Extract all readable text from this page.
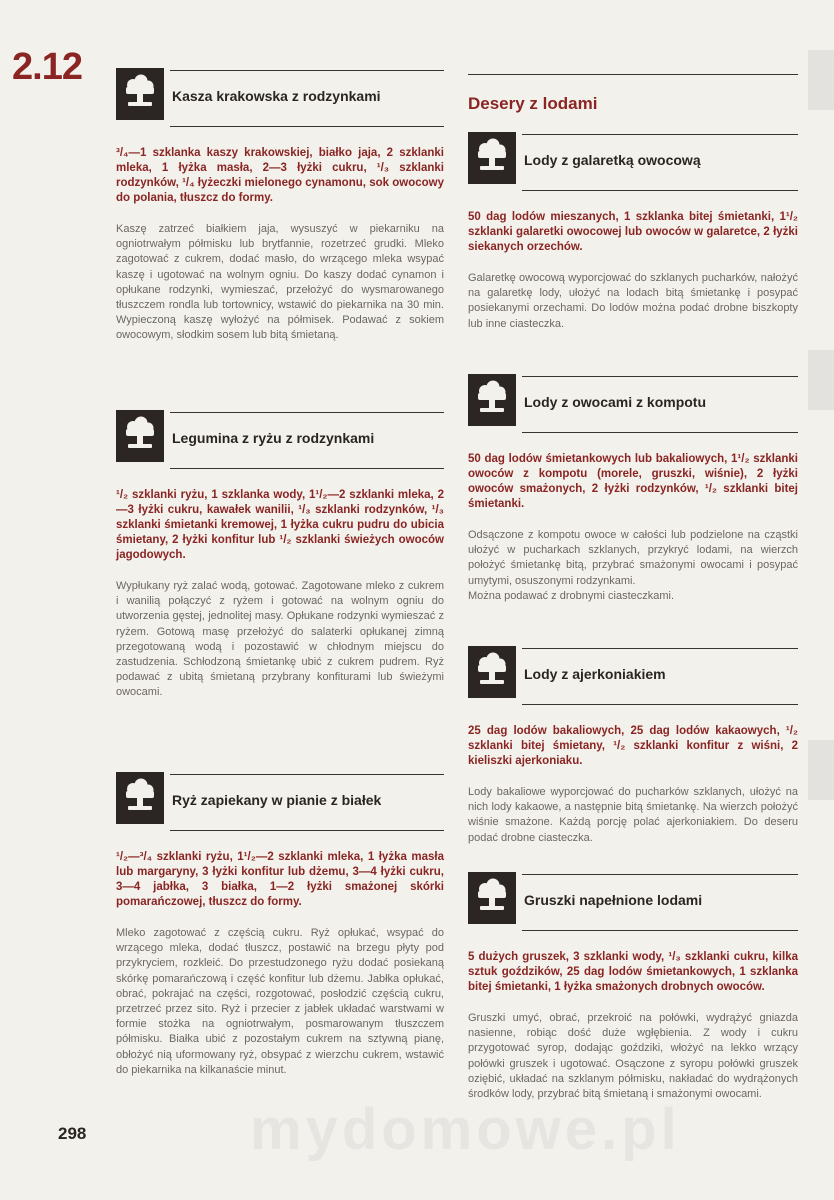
2.12
mydomowe.pl
Kasza krakowska z rodzynkami

³/₄—1 szklanka kaszy krakowskiej, białko jaja, 2 szklanki mleka, 1 łyżka masła, 2—3 łyżki cukru, ¹/₃ szklanki rodzynków, ¹/₄ łyżeczki mielonego cynamonu, sok owocowy do polania, tłuszcz do formy.

Kaszę zatrzeć białkiem jaja, wysuszyć w piekarniku na ogniotrwałym półmisku lub brytfannie, rozetrzeć grudki. Mleko zagotować z cukrem, dodać masło, do wrzącego mleka wsypać kaszę i ugotować na wolnym ogniu. Do kaszy dodać cynamon i opłukane rodzynki, wymieszać, przełożyć do wysmarowanego tłuszczem rondla lub tortownicy, wstawić do piekarnika na 30 min. Wypieczoną kaszę wyłożyć na półmisek. Podawać z sokiem owocowym, słodkim sosem lub bitą śmietaną.

Legumina z ryżu z rodzynkami

¹/₂ szklanki ryżu, 1 szklanka wody, 1¹/₂—2 szklanki mleka, 2—3 łyżki cukru, kawałek wanilii, ¹/₃ szklanki rodzynków, ¹/₃ szklanki śmietanki kremowej, 1 łyżka cukru pudru do ubicia śmietany, 2 łyżki konfitur lub ¹/₂ szklanki świeżych owoców jagodowych.

Wypłukany ryż zalać wodą, gotować. Zagotowane mleko z cukrem i wanilią połączyć z ryżem i gotować na wolnym ogniu do utworzenia gęstej, jednolitej masy. Opłukane rodzynki wymieszać z ryżem. Gotową masę przełożyć do salaterki opłukanej zimną przegotowaną wodą i pozostawić w chłodnym miejscu do zastudzenia. Schłodzoną śmietankę ubić z cukrem pudrem. Ryż podawać z ubitą śmietaną przybrany konfiturami lub świeżymi owocami.

Ryż zapiekany w pianie z białek

¹/₂—³/₄ szklanki ryżu, 1¹/₂—2 szklanki mleka, 1 łyżka masła lub margaryny, 3 łyżki konfitur lub dżemu, 3—4 łyżki cukru, 3—4 jabłka, 3 białka, 1—2 łyżki smażonej skórki pomarańczowej, tłuszcz do formy.

Mleko zagotować z częścią cukru. Ryż opłukać, wsypać do wrzącego mleka, dodać tłuszcz, postawić na brzegu płyty pod przykryciem, rozkleić. Do przestudzonego ryżu dodać posiekaną skórkę pomarańczową i część konfitur lub dżemu. Jabłka opłukać, obrać, pokrajać na części, rozgotować, posłodzić częścią cukru, przetrzeć przez sito. Ryż i przecier z jabłek układać warstwami w formie stożka na ogniotrwałym, posmarowanym tłuszczem półmisku. Białka ubić z pozostałym cukrem na sztywną pianę, obłożyć nią uformowany ryż, obsypać z wierzchu cukrem, wstawić do piekarnika na kilkanaście minut.

Desery z lodami
Lody z galaretką owocową

50 dag lodów mieszanych, 1 szklanka bitej śmietanki, 1¹/₂ szklanki galaretki owocowej lub owoców w galaretce, 2 łyżki siekanych orzechów.

Galaretkę owocową wyporcjować do szklanych pucharków, nałożyć na galaretkę lody, ułożyć na lodach bitą śmietankę i posypać posiekanymi orzechami. Do lodów można podać drobne biszkopty lub inne ciasteczka.

Lody z owocami z kompotu

50 dag lodów śmietankowych lub bakaliowych, 1¹/₂ szklanki owoców z kompotu (morele, gruszki, wiśnie), 2 łyżki owoców smażonych, 2 łyżki rodzynków, ¹/₂ szklanki bitej śmietanki.

Odsączone z kompotu owoce w całości lub podzielone na cząstki ułożyć w pucharkach szklanych, przykryć lodami, na wierzch położyć śmietankę bitą, przybrać smażonymi owocami i posypać umytymi, osuszonymi rodzynkami.
Można podawać z drobnymi ciasteczkami.

Lody z ajerkoniakiem

25 dag lodów bakaliowych, 25 dag lodów kakaowych, ¹/₂ szklanki bitej śmietany, ¹/₂ szklanki konfitur z wiśni, 2 kieliszki ajerkoniaku.

Lody bakaliowe wyporcjować do pucharków szklanych, ułożyć na nich lody kakaowe, a następnie bitą śmietankę. Na wierzch położyć wiśnie smażone. Każdą porcję polać ajerkoniakiem. Do deseru podać drobne ciasteczka.

Gruszki napełnione lodami

5 dużych gruszek, 3 szklanki wody, ¹/₃ szklanki cukru, kilka sztuk goździków, 25 dag lodów śmietankowych, 1 szklanka bitej śmietanki, 1 łyżka smażonych drobnych owoców.

Gruszki umyć, obrać, przekroić na połówki, wydrążyć gniazda nasienne, robiąc dość duże wgłębienia. Z wody i cukru przygotować syrop, dodając goździki, włożyć na lekko wrzący połówki gruszek i ugotować. Osączone z syropu połówki gruszek oziębić, układać na szklanym półmisku, nakładać do wydrążonych środków lody, przybrać bitą śmietaną i smażonymi owocami.

298
